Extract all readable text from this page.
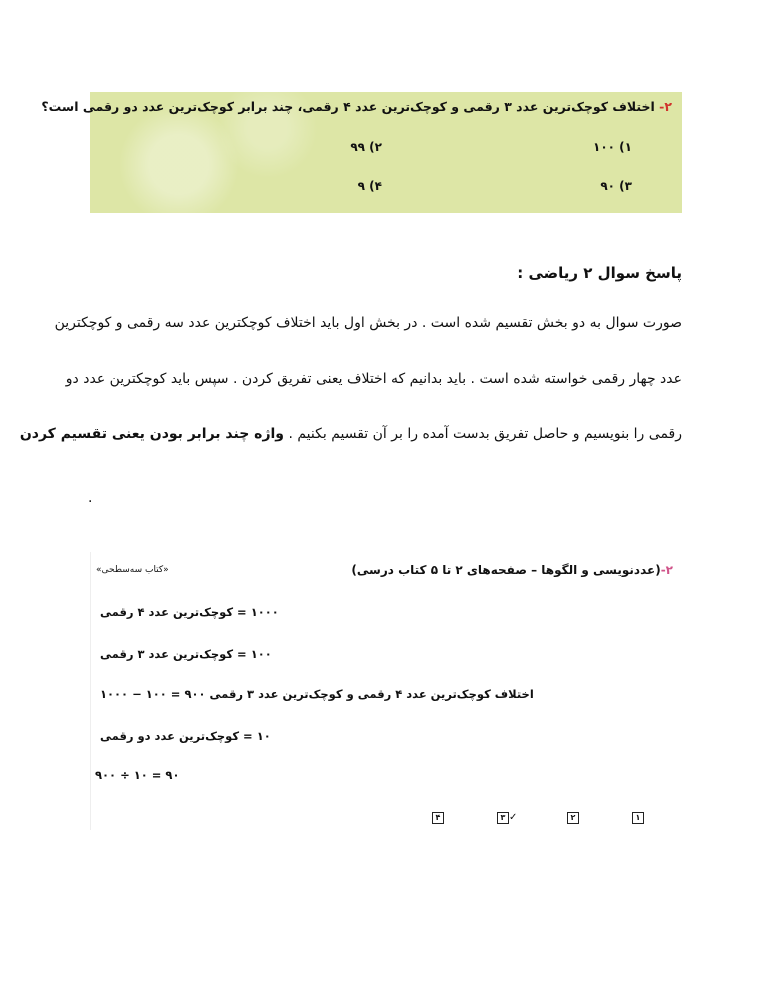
۲- اختلاف کوچک‌ترین عدد ۳ رقمی و کوچک‌ترین عدد ۴ رقمی، چند برابر کوچک‌ترین عدد دو رقمی است؟
۱) ۱۰۰
۲) ۹۹
۳) ۹۰
۴) ۹
پاسخ سوال ۲ ریاضی :
صورت سوال به دو بخش تقسیم شده است . در بخش اول باید اختلاف کوچکترین عدد سه رقمی و کوچکترین
عدد چهار رقمی خواسته شده است . باید بدانیم که اختلاف یعنی تفریق کردن . سپس باید کوچکترین عدد دو
رقمی را بنویسیم و حاصل تفریق بدست آمده را بر آن تقسیم بکنیم . واژه چند برابر بودن یعنی تقسیم کردن
.
۲-(عددنویسی و الگوها – صفحه‌های ۲ تا ۵ کتاب درسی)
«کتاب سه‌سطحی»
۱۰۰۰ = کوچک‌ترین عدد ۴ رقمی
۱۰۰ = کوچک‌ترین عدد ۳ رقمی
اختلاف کوچک‌ترین عدد ۴ رقمی و کوچک‌ترین عدد ۳ رقمی ۹۰۰ = ۱۰۰ − ۱۰۰۰
۱۰ = کوچک‌ترین عدد دو رقمی
۹۰ = ۱۰ ÷ ۹۰۰
۱
۲
۳ ✓
۴
